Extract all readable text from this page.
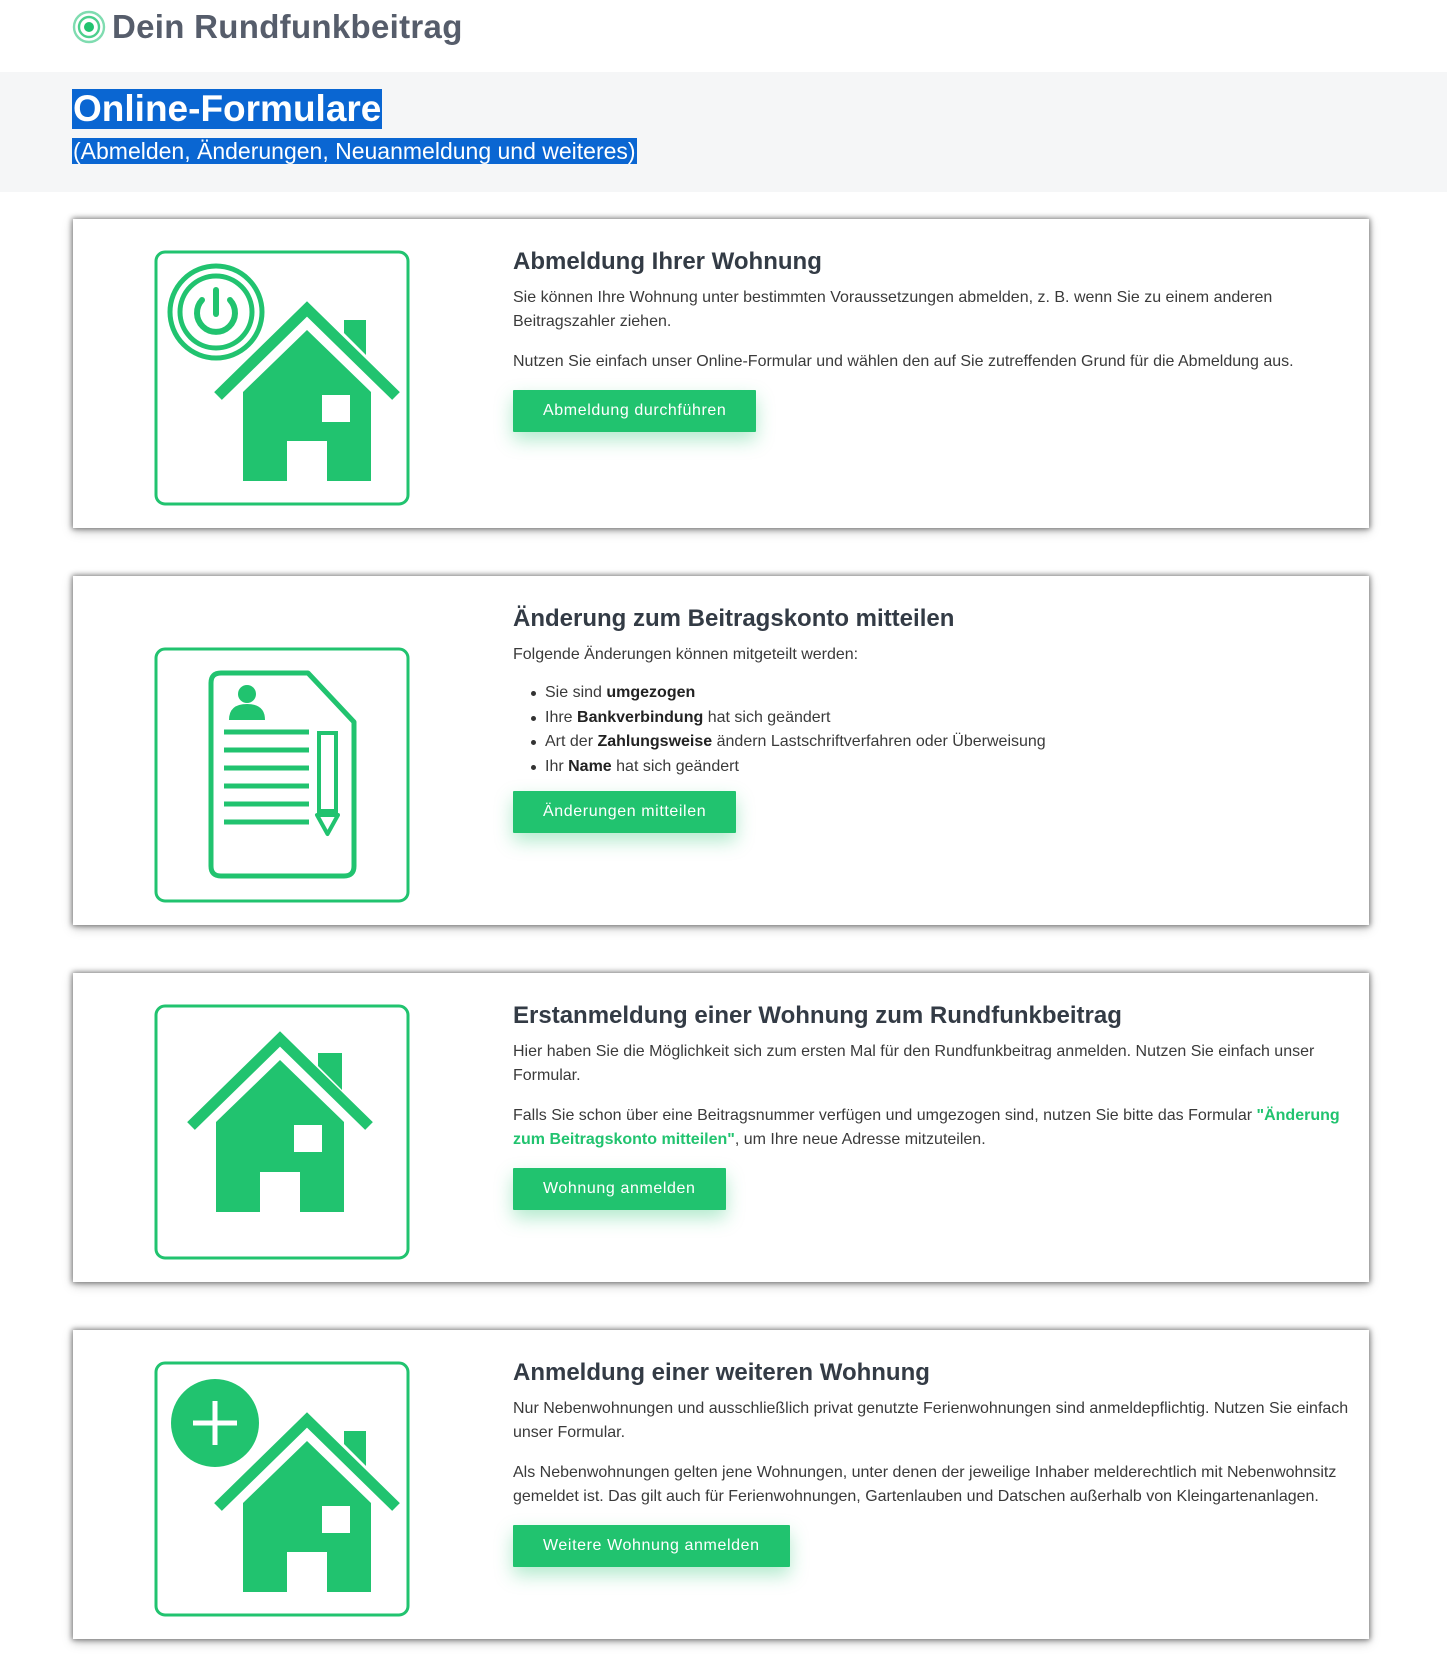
Dein Rundfunkbeitrag
Online-Formulare
(Abmelden, Änderungen, Neuanmeldung und weiteres)
Abmeldung Ihrer Wohnung

Sie können Ihre Wohnung unter bestimmten Voraussetzungen abmelden, z. B. wenn Sie zu einem anderen Beitragszahler ziehen.

Nutzen Sie einfach unser Online-Formular und wählen den auf Sie zutreffenden Grund für die Abmeldung aus.

Abmeldung durchführen
Änderung zum Beitragskonto mitteilen

Folgende Änderungen können mitgeteilt werden:

Sie sind umgezogen
Ihre Bankverbindung hat sich geändert
Art der Zahlungsweise ändern Lastschriftverfahren oder Überweisung
Ihr Name hat sich geändert
Änderungen mitteilen
Erstanmeldung einer Wohnung zum Rundfunkbeitrag

Hier haben Sie die Möglichkeit sich zum ersten Mal für den Rundfunkbeitrag anmelden. Nutzen Sie einfach unser Formular.

Falls Sie schon über eine Beitragsnummer verfügen und umgezogen sind, nutzen Sie bitte das Formular "Änderung zum Beitragskonto mitteilen", um Ihre neue Adresse mitzuteilen.

Wohnung anmelden
Anmeldung einer weiteren Wohnung

Nur Nebenwohnungen und ausschließlich privat genutzte Ferienwohnungen sind anmeldepflichtig. Nutzen Sie einfach unser Formular.

Als Nebenwohnungen gelten jene Wohnungen, unter denen der jeweilige Inhaber melderechtlich mit Nebenwohnsitz gemeldet ist. Das gilt auch für Ferienwohnungen, Gartenlauben und Datschen außerhalb von Kleingartenanlagen.

Weitere Wohnung anmelden
